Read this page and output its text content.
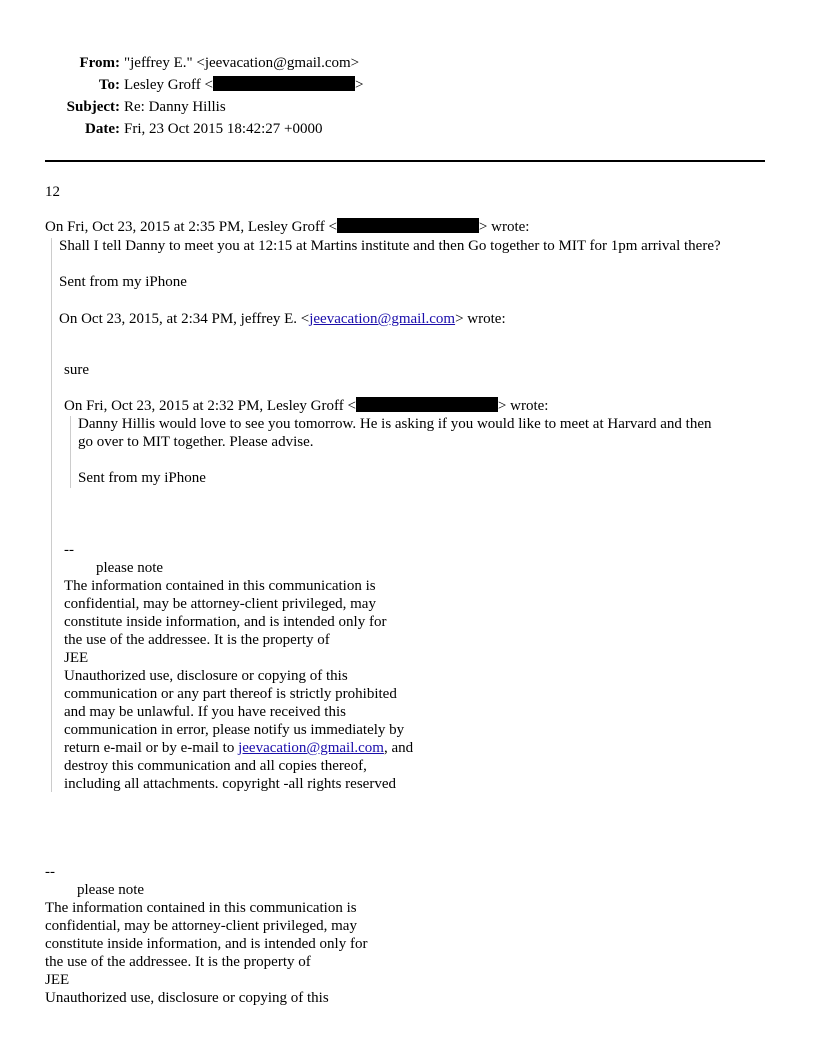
From: "jeffrey E." <jeevacation@gmail.com>
To: Lesley Groff <	>
Subject: Re: Danny Hillis
Date: Fri, 23 Oct 2015 18:42:27 +0000
12
On Fri, Oct 23, 2015 at 2:35 PM, Lesley Groff <	> wrote:
Shall I tell Danny to meet you at 12:15 at Martins institute and then Go together to MIT for 1pm arrival there?
Sent from my iPhone
On Oct 23, 2015, at 2:34 PM, jeffrey E. <jeevacation@gmail.com> wrote:
sure
On Fri, Oct 23, 2015 at 2:32 PM, Lesley Groff <	> wrote:
Danny Hillis would love to see you tomorrow. He is asking if you would like to meet at Harvard and then
go over to MIT together. Please advise.
Sent from my iPhone
--
please note
The information contained in this communication is
confidential, may be attorney-client privileged, may
constitute inside information, and is intended only for
the use of the addressee. It is the property of
JEE
Unauthorized use, disclosure or copying of this
communication or any part thereof is strictly prohibited
and may be unlawful. If you have received this
communication in error, please notify us immediately by
return e-mail or by e-mail to jeevacation@gmail.com, and
destroy this communication and all copies thereof,
including all attachments. copyright -all rights reserved
--
please note
The information contained in this communication is
confidential, may be attorney-client privileged, may
constitute inside information, and is intended only for
the use of the addressee. It is the property of
JEE
Unauthorized use, disclosure or copying of this
